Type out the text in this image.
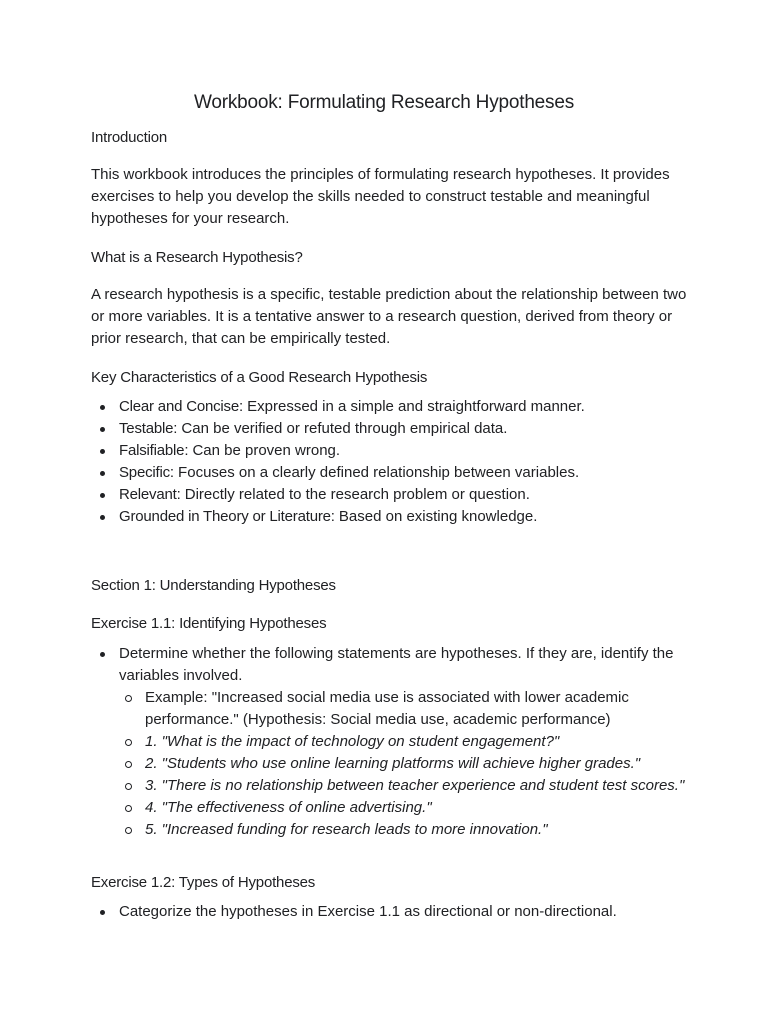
Workbook: Formulating Research Hypotheses
Introduction
This workbook introduces the principles of formulating research hypotheses. It provides exercises to help you develop the skills needed to construct testable and meaningful hypotheses for your research.
What is a Research Hypothesis?
A research hypothesis is a specific, testable prediction about the relationship between two or more variables. It is a tentative answer to a research question, derived from theory or prior research, that can be empirically tested.
Key Characteristics of a Good Research Hypothesis
Clear and Concise: Expressed in a simple and straightforward manner.
Testable: Can be verified or refuted through empirical data.
Falsifiable: Can be proven wrong.
Specific: Focuses on a clearly defined relationship between variables.
Relevant: Directly related to the research problem or question.
Grounded in Theory or Literature: Based on existing knowledge.
Section 1: Understanding Hypotheses
Exercise 1.1: Identifying Hypotheses
Determine whether the following statements are hypotheses. If they are, identify the variables involved.
Example: "Increased social media use is associated with lower academic performance." (Hypothesis: Social media use, academic performance)
1. "What is the impact of technology on student engagement?"
2. "Students who use online learning platforms will achieve higher grades."
3. "There is no relationship between teacher experience and student test scores."
4. "The effectiveness of online advertising."
5. "Increased funding for research leads to more innovation."
Exercise 1.2: Types of Hypotheses
Categorize the hypotheses in Exercise 1.1 as directional or non-directional.
